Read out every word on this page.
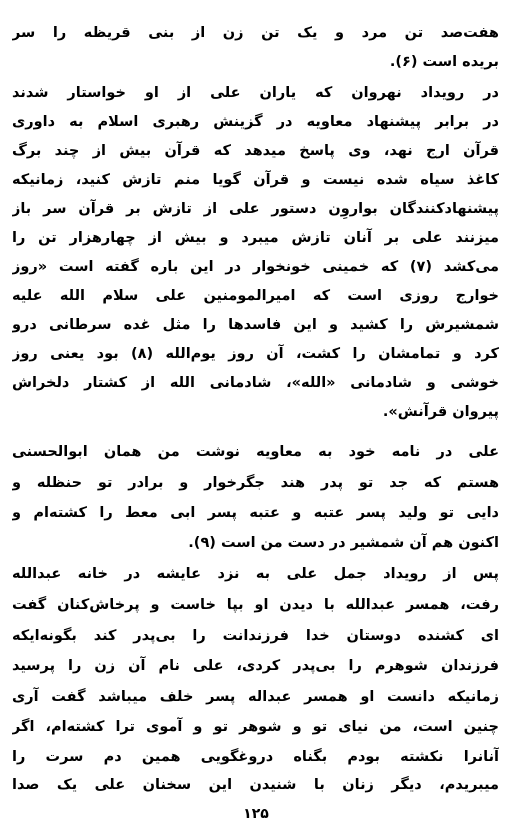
هفت‌صد تن مرد و یک تن زن از بنی قریظه را سر
بریده است (۶).
در رویداد نهروان که یاران علی از او خواستار شدند
در برابر پیشنهاد معاویه در گزینش رهبری اسلام به داوری
قرآن ارج نهد، وی پاسخ میدهد که قرآن بیش از چند برگ
کاغذ سیاه شده نیست و قرآن گویا منم تازش کنید، زمانیکه
پیشنهادکنندگان بواروِن دستور علی از تازش بر قرآن سر باز
میزنند علی بر آنان تازش میبرد و بیش از چهارهزار تن را
می‌کشد (۷) که خمینی خونخوار در این باره گفته است «روز
خوارج روزی است که امیرالمومنین علی سلام الله علیه
شمشیرش را کشید و این فاسدها را مثل غده سرطانی درو
کرد و تمامشان را کشت، آن روز یوم‌الله (۸) بود یعنی روز
خوشی و شادمانی «الله»، شادمانی الله از کشتار دلخراش
پیروان قرآنش».
علی در نامه خود به معاویه نوشت من همان ابوالحسنی
هستم که جد تو پدر هند جگرخوار و برادر تو حنظله و
دایی تو ولید پسر عتبه و عتبه پسر ابی معط را کشته‌ام و
اکنون هم آن شمشیر در دست من است (۹).
پس از رویداد جمل علی به نزد عایشه در خانه عبدالله
رفت، همسر عبدالله با دیدن او بپا خاست و پرخاش‌کنان گفت
ای کشنده دوستان خدا فرزندانت را بی‌پدر کند بگونه‌ایکه
فرزندان شوهرم را بی‌پدر کردی، علی نام آن زن را پرسید
زمانیکه دانست او همسر عبداله پسر خلف میباشد گفت آری
چنین است، من نیای تو و شوهر تو و آموی ترا کشته‌ام، اگر
آنانرا نکشته بودم بگناه دروغگویی همین دم سرت را
میبریدم، دیگر زنان با شنیدن این سخنان علی یک صدا
۱۲۵
